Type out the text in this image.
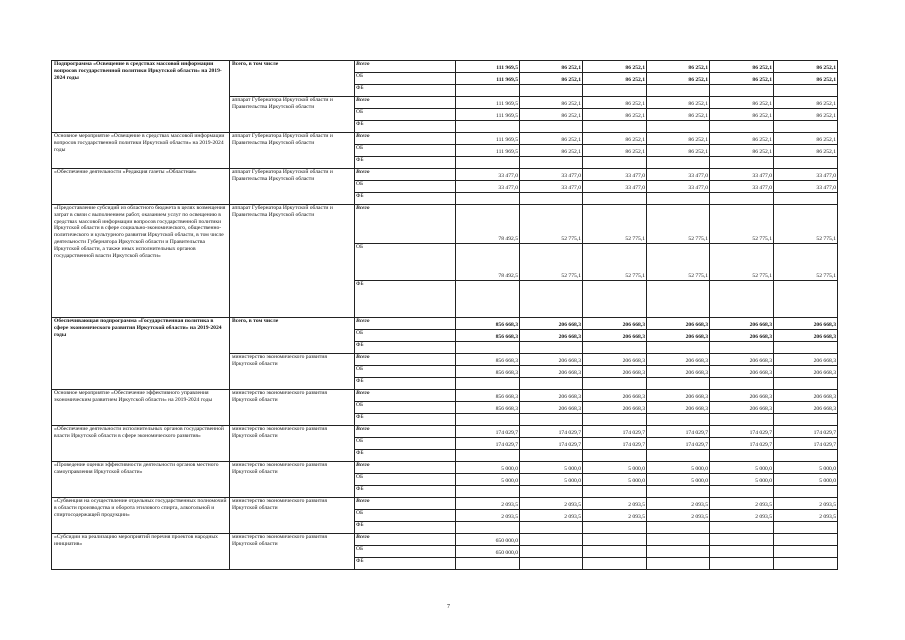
Подпрограмма «Освещение в средствах массовой информации вопросов государственной политики Иркутской области» на 2019-2024 годы	Всего, в том числе	Всего	111 969,5	86 252,1	86 252,1	86 252,1	86 252,1	86 252,1
		ОБ	111 969,5	86 252,1	86 252,1	86 252,1	86 252,1	86 252,1
		ФБ						
	аппарат Губернатора Иркутской области и Правительства Иркутской области	Всего	111 969,5	86 252,1	86 252,1	86 252,1	86 252,1	86 252,1
		ОБ	111 969,5	86 252,1	86 252,1	86 252,1	86 252,1	86 252,1
		ФБ						
Основное мероприятие «Освещение в средствах массовой информации вопросов государственной политики Иркутской области» на 2019-2024 годы	аппарат Губернатора Иркутской области и Правительства Иркутской области	Всего	111 969,5	86 252,1	86 252,1	86 252,1	86 252,1	86 252,1
		ОБ	111 969,5	86 252,1	86 252,1	86 252,1	86 252,1	86 252,1
		ФБ						
«Обеспечение деятельности «Редакция газеты «Областная»	аппарат Губернатора Иркутской области и Правительства Иркутской области	Всего	33 477,0	33 477,0	33 477,0	33 477,0	33 477,0	33 477,0
		ОБ	33 477,0	33 477,0	33 477,0	33 477,0	33 477,0	33 477,0
		ФБ						
«Предоставление субсидий из областного бюджета в целях возмещения затрат в связи с выполнением работ, оказанием услуг по освещению в средствах массовой информации вопросов государственной политики Иркутской области в сфере социально-экономического, общественно-политического и культурного развития Иркутской области, в том числе деятельности Губернатора Иркутской области и Правительства Иркутской области, а также иных исполнительных органов государственной власти Иркутской области»	аппарат Губернатора Иркутской области и Правительства Иркутской области	Всего	78 492,5	52 775,1	52 775,1	52 775,1	52 775,1	52 775,1
		ОБ	78 492,5	52 775,1	52 775,1	52 775,1	52 775,1	52 775,1
		ФБ						
Обеспечивающая подпрограмма «Государственная политика в сфере экономического развития Иркутской области» на 2019-2024 годы	Всего, в том числе	Всего	856 668,3	206 668,3	206 668,3	206 668,3	206 668,3	206 668,3
		ОБ	856 668,3	206 668,3	206 668,3	206 668,3	206 668,3	206 668,3
		ФБ						
	министерство экономического развития Иркутской области	Всего	856 668,3	206 668,3	206 668,3	206 668,3	206 668,3	206 668,3
		ОБ	856 668,3	206 668,3	206 668,3	206 668,3	206 668,3	206 668,3
		ФБ						
Основное мероприятие «Обеспечение эффективного управления экономическим развитием Иркутской области» на 2019-2024 годы	министерство экономического развития Иркутской области	Всего	856 668,3	206 668,3	206 668,3	206 668,3	206 668,3	206 668,3
		ОБ	856 668,3	206 668,3	206 668,3	206 668,3	206 668,3	206 668,3
		ФБ						
«Обеспечение деятельности исполнительных органов государственной власти Иркутской области в сфере экономического развития»	министерство экономического развития Иркутской области	Всего	174 029,7	174 029,7	174 029,7	174 029,7	174 029,7	174 029,7
		ОБ	174 029,7	174 029,7	174 029,7	174 029,7	174 029,7	174 029,7
		ФБ						
«Проведение оценки эффективности деятельности органов местного самоуправления Иркутской области»	министерство экономического развития Иркутской области	Всего	5 000,0	5 000,0	5 000,0	5 000,0	5 000,0	5 000,0
		ОБ	5 000,0	5 000,0	5 000,0	5 000,0	5 000,0	5 000,0
		ФБ						
«Субвенция на осуществление отдельных государственных полномочий в области производства и оборота этилового спирта, алкогольной и спиртосодержащей продукции»	министерство экономического развития Иркутской области	Всего	2 093,5	2 093,5	2 093,5	2 093,5	2 093,5	2 093,5
		ОБ	2 093,5	2 093,5	2 093,5	2 093,5	2 093,5	2 093,5
		ФБ						
«Субсидии на реализацию мероприятий перечня проектов народных инициатив»	министерство экономического развития Иркутской области	Всего	650 000,0					
		ОБ	650 000,0					
		ФБ						
7
